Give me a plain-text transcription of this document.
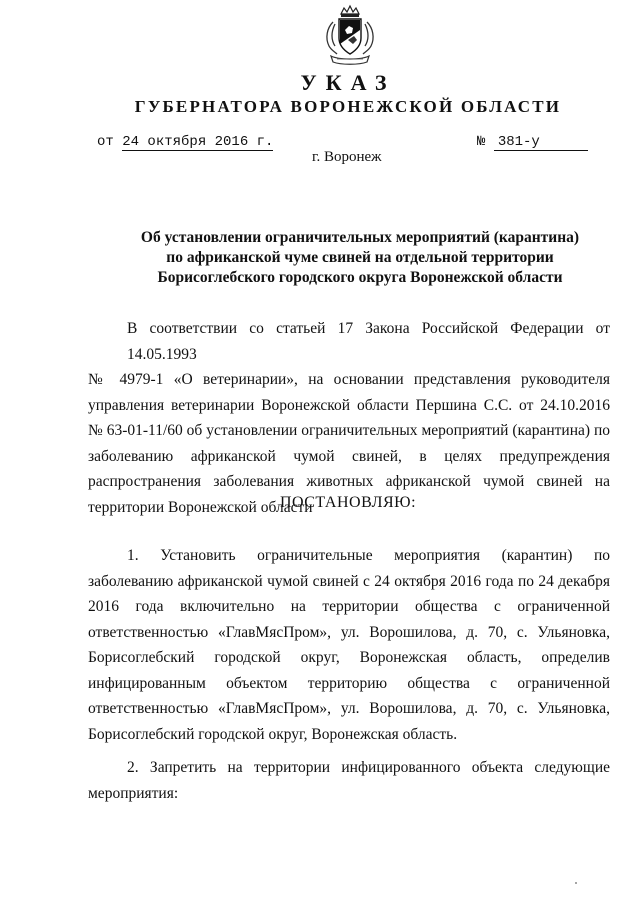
УКАЗ
ГУБЕРНАТОРА ВОРОНЕЖСКОЙ ОБЛАСТИ
от 24 октября 2016 г.	№ 381-у
г. Воронеж
Об установлении ограничительных мероприятий (карантина)
по африканской чуме свиней на отдельной территории
Борисоглебского городского округа Воронежской области
В соответствии со статьей 17 Закона Российской Федерации от 14.05.1993
№ 4979-1 «О ветеринарии», на основании представления руководителя
управления ветеринарии Воронежской области Першина С.С. от 24.10.2016
№ 63-01-11/60 об установлении ограничительных мероприятий (карантина) по
заболеванию африканской чумой свиней, в целях предупреждения
распространения заболевания животных африканской чумой свиней на
территории Воронежской области
ПОСТАНОВЛЯЮ:
1. Установить ограничительные мероприятия (карантин) по
заболеванию африканской чумой свиней с 24 октября 2016 года по 24 декабря
2016 года включительно на территории общества с ограниченной
ответственностью «ГлавМясПром», ул. Ворошилова, д. 70, с. Ульяновка,
Борисоглебский городской округ, Воронежская область, определив
инфицированным объектом территорию общества с ограниченной
ответственностью «ГлавМясПром», ул. Ворошилова, д. 70, с. Ульяновка,
Борисоглебский городской округ, Воронежская область.
2. Запретить на территории инфицированного объекта следующие
мероприятия:
